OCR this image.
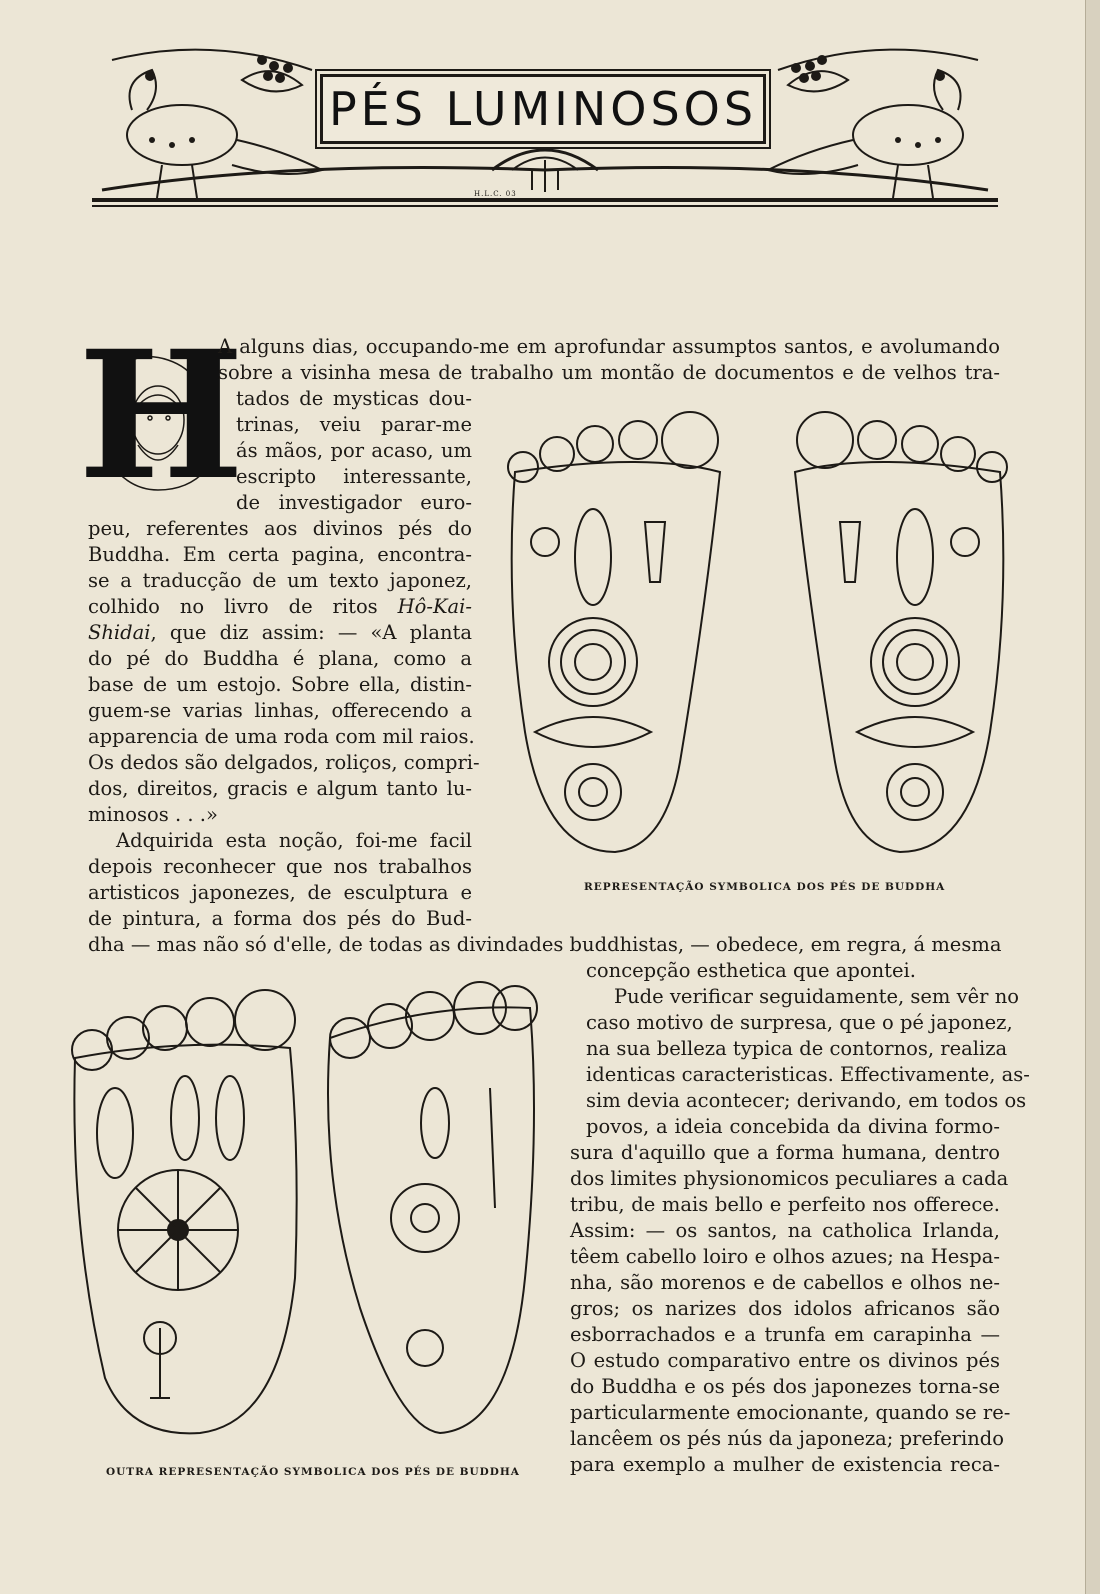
PÉS LUMINOSOS
H.L.C. 03
H
A alguns dias, occupando-me em aprofundar assumptos santos, e avolumando
sobre a visinha mesa de trabalho um montão de documentos e de velhos tra-
tados de mysticas dou-
trinas, veiu parar-me
ás mãos, por acaso, um
escripto interessante,
de investigador euro-
peu, referentes aos divinos pés do
Buddha. Em certa pagina, encontra-
se a traducção de um texto japonez,
colhido no livro de ritos Hô-Kai-
Shidai, que diz assim: — «A planta
do pé do Buddha é plana, como a
base de um estojo. Sobre ella, distin-
guem-se varias linhas, offerecendo a
apparencia de uma roda com mil raios.
Os dedos são delgados, roliços, compri-
dos, direitos, gracis e algum tanto lu-
minosos . . .»
Adquirida esta noção, foi-me facil
depois reconhecer que nos trabalhos
artisticos japonezes, de esculptura e
de pintura, a forma dos pés do Bud-
dha — mas não só d'elle, de todas as divindades buddhistas, — obedece, em regra, á mesma
concepção esthetica que apontei.
Pude verificar seguidamente, sem vêr no
caso motivo de surpresa, que o pé japonez,
na sua belleza typica de contornos, realiza
identicas caracteristicas. Effectivamente, as-
sim devia acontecer; derivando, em todos os
povos, a ideia concebida da divina formo-
sura d'aquillo que a forma humana, dentro
dos limites physionomicos peculiares a cada
tribu, de mais bello e perfeito nos offerece.
Assim: — os santos, na catholica Irlanda,
têem cabello loiro e olhos azues; na Hespa-
nha, são morenos e de cabellos e olhos ne-
gros; os narizes dos idolos africanos são
esborrachados e a trunfa em carapinha —
O estudo comparativo entre os divinos pés
do Buddha e os pés dos japonezes torna-se
particularmente emocionante, quando se re-
lancêem os pés nús da japoneza; preferindo
para exemplo a mulher de existencia reca-
REPRESENTAÇÃO SYMBOLICA DOS PÉS DE BUDDHA
OUTRA REPRESENTAÇÃO SYMBOLICA DOS PÉS DE BUDDHA
